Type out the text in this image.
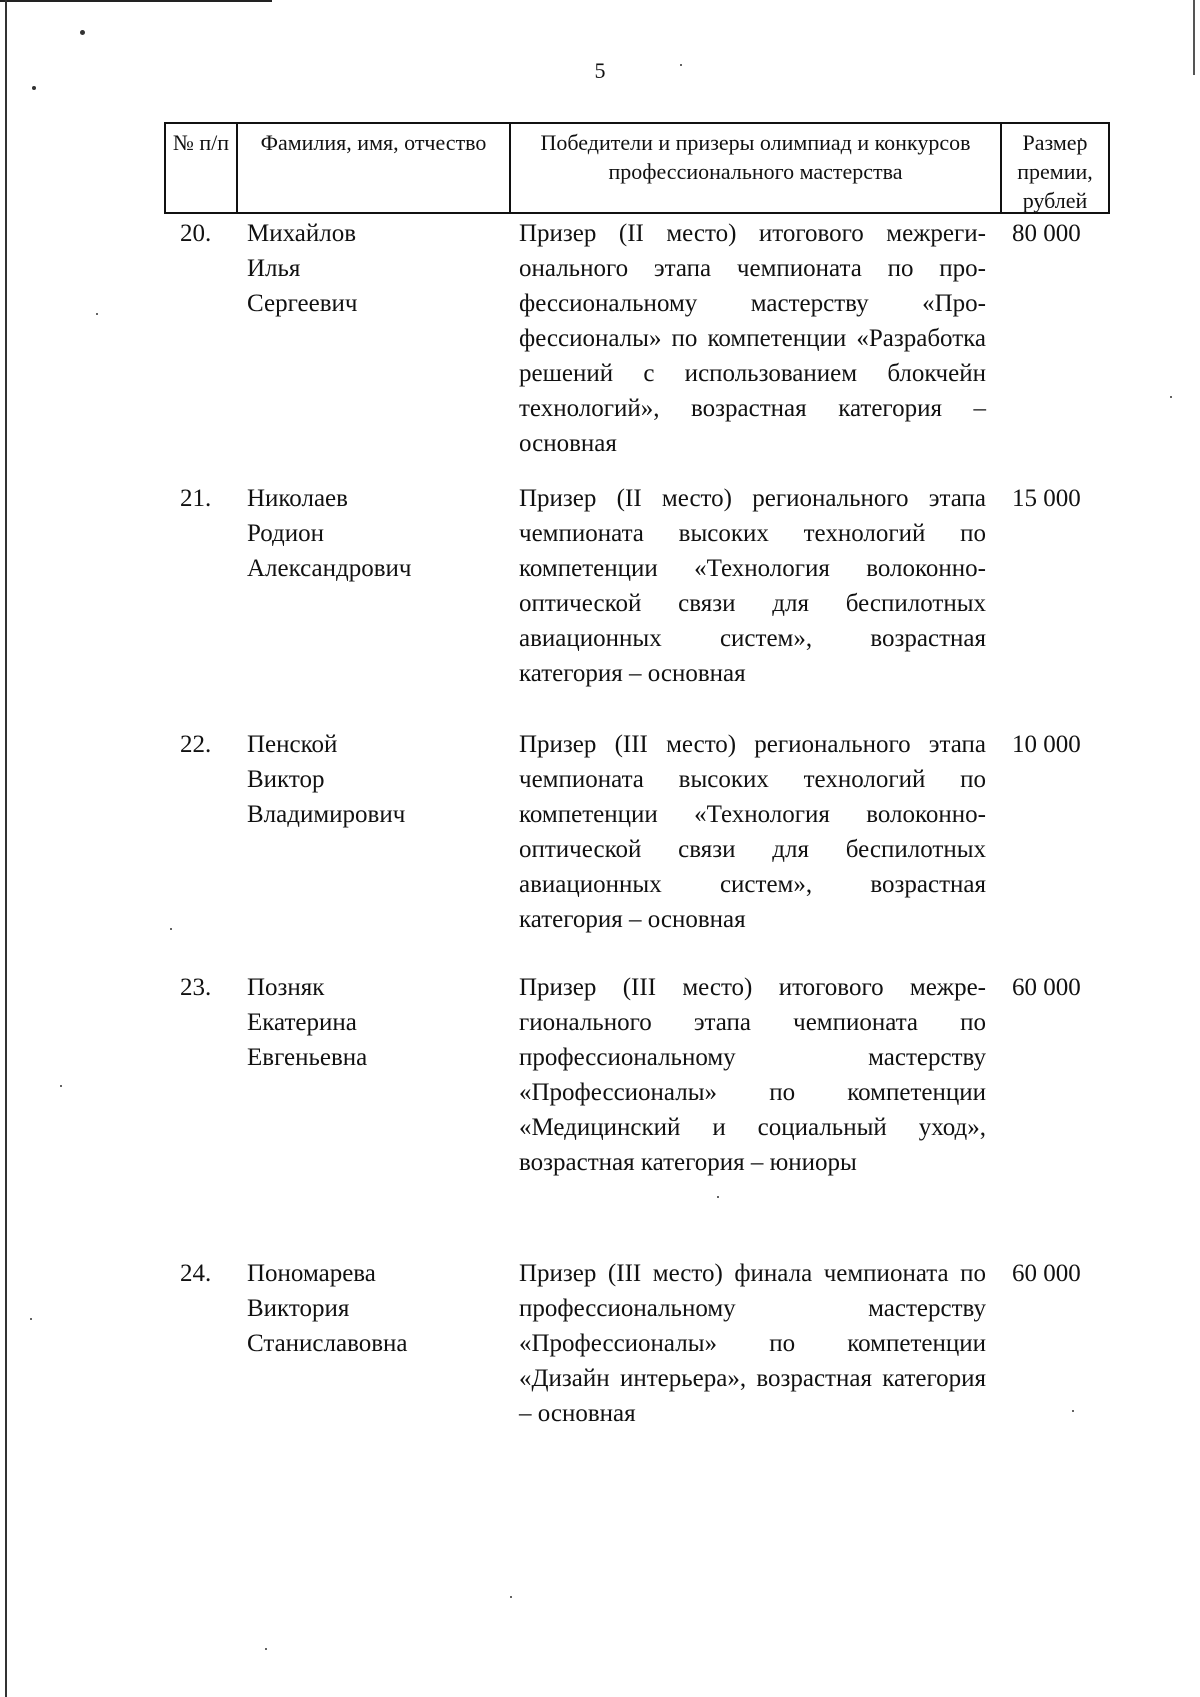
5
№ п/п	Фамилия, имя, отчество	Победители и призеры олимпиад и конкурсов профессионального мастерства
Размер премии, рублей
20. Михайлов
Илья
Сергеевич
Призер (II место) итогового межрегионального этапа чемпионата по профессиональному мастерству «Профессионалы» по компетенции «Разработка решений с использованием блокчейн технологий», возрастная категория – основная
80 000
21. Николаев
Родион
Александрович
Призер (II место) регионального этапа чемпионата высоких технологий по компетенции «Технология волоконно-оптической связи для беспилотных авиационных систем», возрастная категория – основная
15 000
22. Пенской
Виктор
Владимирович
Призер (III место) регионального этапа чемпионата высоких технологий по компетенции «Технология волоконно-оптической связи для беспилотных авиационных систем», возрастная категория – основная
10 000
23. Позняк
Екатерина
Евгеньевна
Призер (III место) итогового межрегионального этапа чемпионата по профессиональному мастерству «Профессионалы» по компетенции «Медицинский и социальный уход», возрастная категория – юниоры
60 000
24. Пономарева
Виктория
Станиславовна
Призер (III место) финала чемпионата по профессиональному мастерству «Профессионалы» по компетенции «Дизайн интерьера», возрастная категория – основная
60 000
